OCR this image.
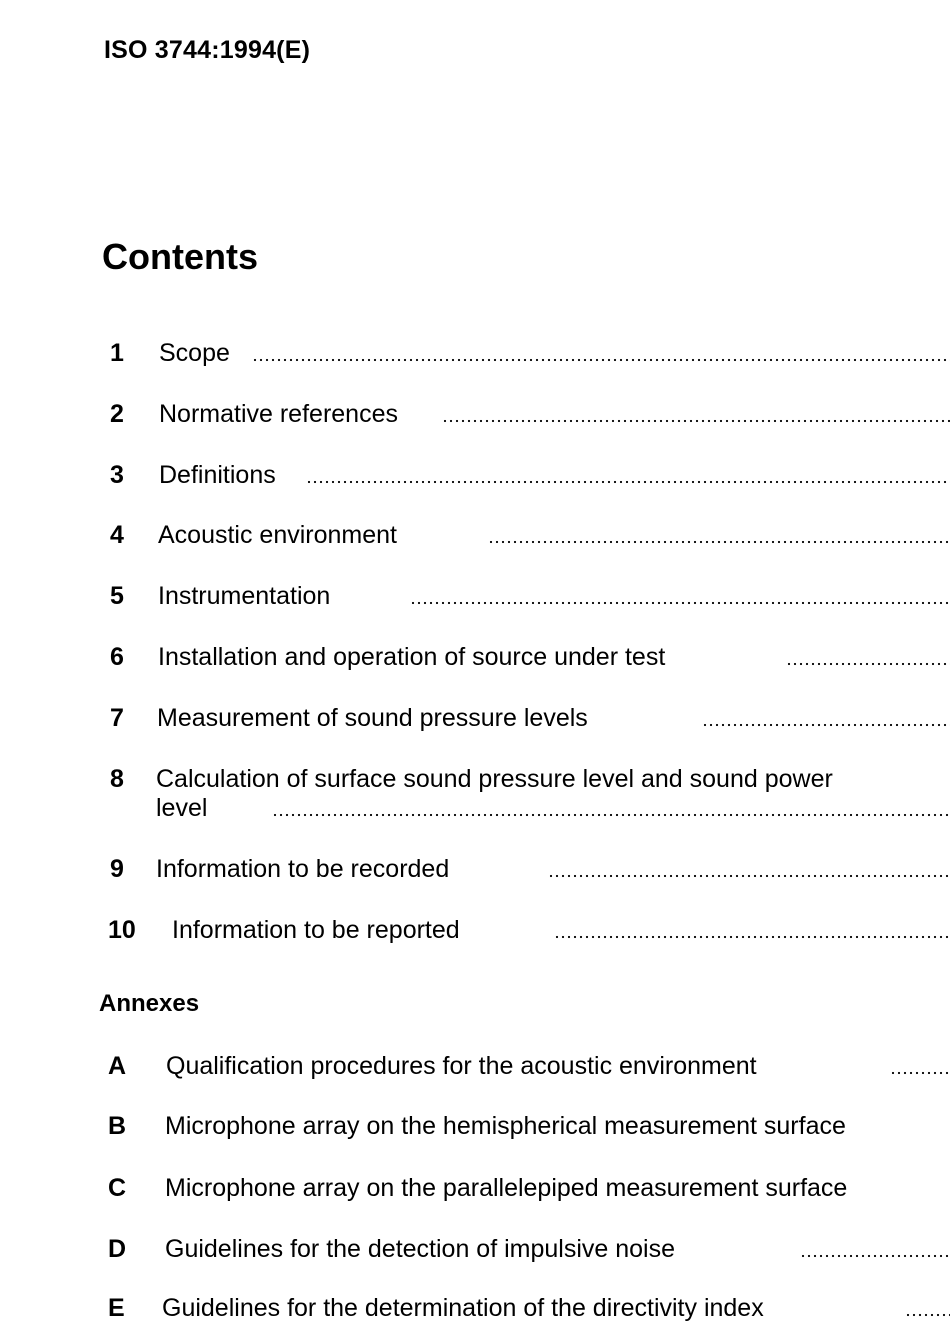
ISO 3744:1994(E)
Contents
1 Scope
2 Normative references
3 Definitions
4 Acoustic environment
5 Instrumentation
6 Installation and operation of source under test
7 Measurement of sound pressure levels
8 Calculation of surface sound pressure level and sound power
level
9 Information to be recorded
10 Information to be reported
Annexes
A Qualification procedures for the acoustic environment
B Microphone array on the hemispherical measurement surface
C Microphone array on the parallelepiped measurement surface
D Guidelines for the detection of impulsive noise
E Guidelines for the determination of the directivity index
